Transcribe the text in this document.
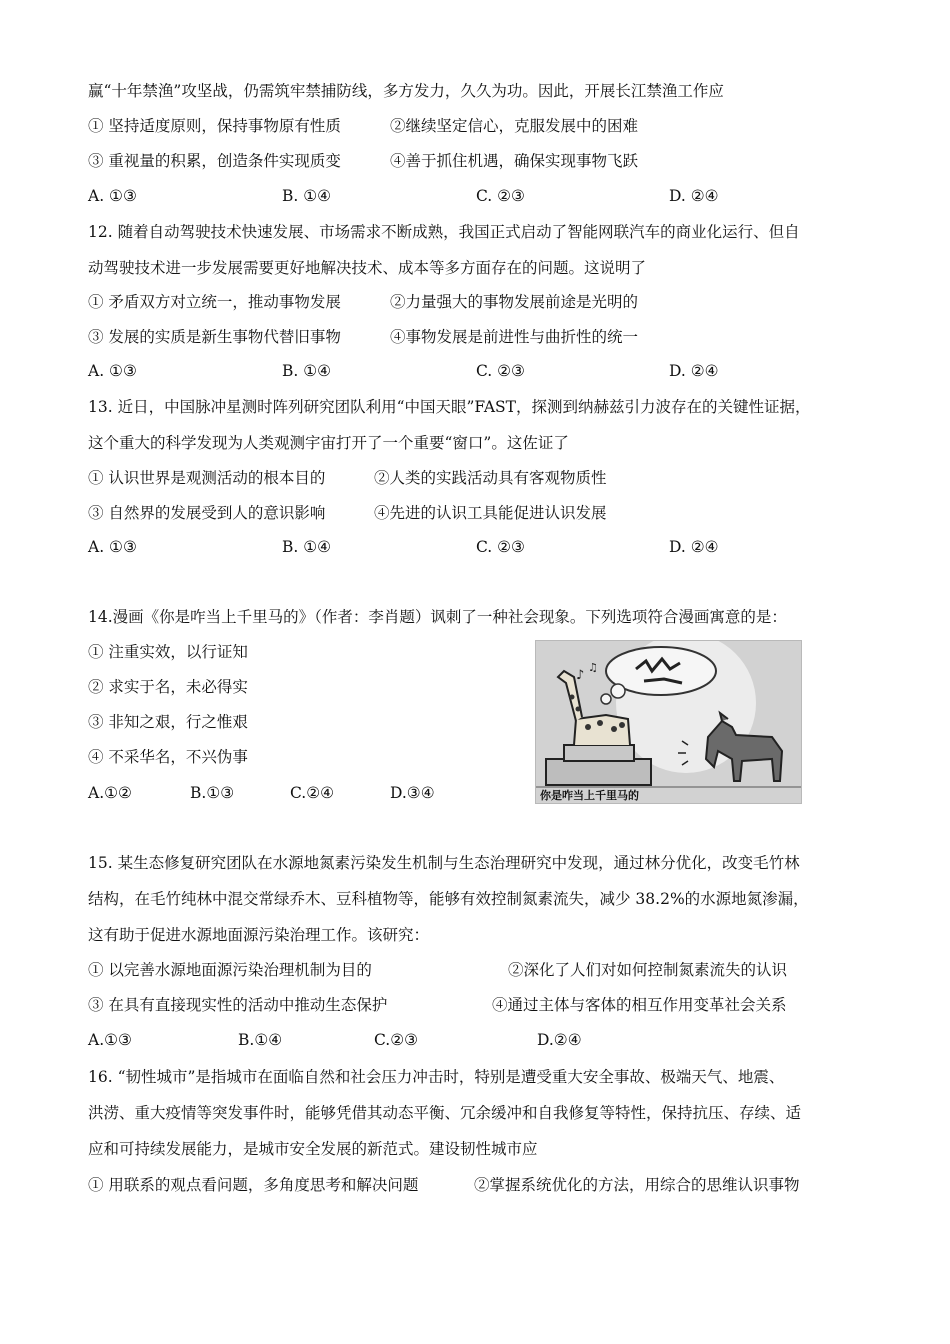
赢“十年禁渔”攻坚战，仍需筑牢禁捕防线，多方发力，久久为功。因此，开展长江禁渔工作应
① 坚持适度原则，保持事物原有性质	②继续坚定信心，克服发展中的困难
③ 重视量的积累，创造条件实现质变	④善于抓住机遇，确保实现事物飞跃
A. ①③	B. ①④	C. ②③	D. ②④
12. 随着自动驾驶技术快速发展、市场需求不断成熟，我国正式启动了智能网联汽车的商业化运行、但自
动驾驶技术进一步发展需要更好地解决技术、成本等多方面存在的问题。这说明了
① 矛盾双方对立统一，推动事物发展	②力量强大的事物发展前途是光明的
③ 发展的实质是新生事物代替旧事物	④事物发展是前进性与曲折性的统一
A. ①③	B. ①④	C. ②③	D. ②④
13. 近日，中国脉冲星测时阵列研究团队利用“中国天眼”FAST，探测到纳赫兹引力波存在的关键性证据，
这个重大的科学发现为人类观测宇宙打开了一个重要“窗口”。这佐证了
① 认识世界是观测活动的根本目的	②人类的实践活动具有客观物质性
③ 自然界的发展受到人的意识影响	④先进的认识工具能促进认识发展
A. ①③	B. ①④	C. ②③	D. ②④
14.漫画《你是咋当上千里马的》（作者：李肖题）讽刺了一种社会现象。下列选项符合漫画寓意的是：
① 注重实效，以行证知
② 求实于名，未必得实
③ 非知之艰，行之惟艰
④ 不采华名，不兴伪事
A.①②	B.①③	C.②④	D.③④
♪
♫
你是咋当上千里马的
15. 某生态修复研究团队在水源地氮素污染发生机制与生态治理研究中发现，通过林分优化，改变毛竹林
结构，在毛竹纯林中混交常绿乔木、豆科植物等，能够有效控制氮素流失，减少 38.2%的水源地氮渗漏，
这有助于促进水源地面源污染治理工作。该研究：
① 以完善水源地面源污染治理机制为目的	②深化了人们对如何控制氮素流失的认识
③ 在具有直接现实性的活动中推动生态保护	④通过主体与客体的相互作用变革社会关系
A.①③	B.①④	C.②③	D.②④
16. “韧性城市”是指城市在面临自然和社会压力冲击时，特别是遭受重大安全事故、极端天气、地震、
洪涝、重大疫情等突发事件时，能够凭借其动态平衡、冗余缓冲和自我修复等特性，保持抗压、存续、适
应和可持续发展能力，是城市安全发展的新范式。建设韧性城市应
① 用联系的观点看问题，多角度思考和解决问题	②掌握系统优化的方法，用综合的思维认识事物
